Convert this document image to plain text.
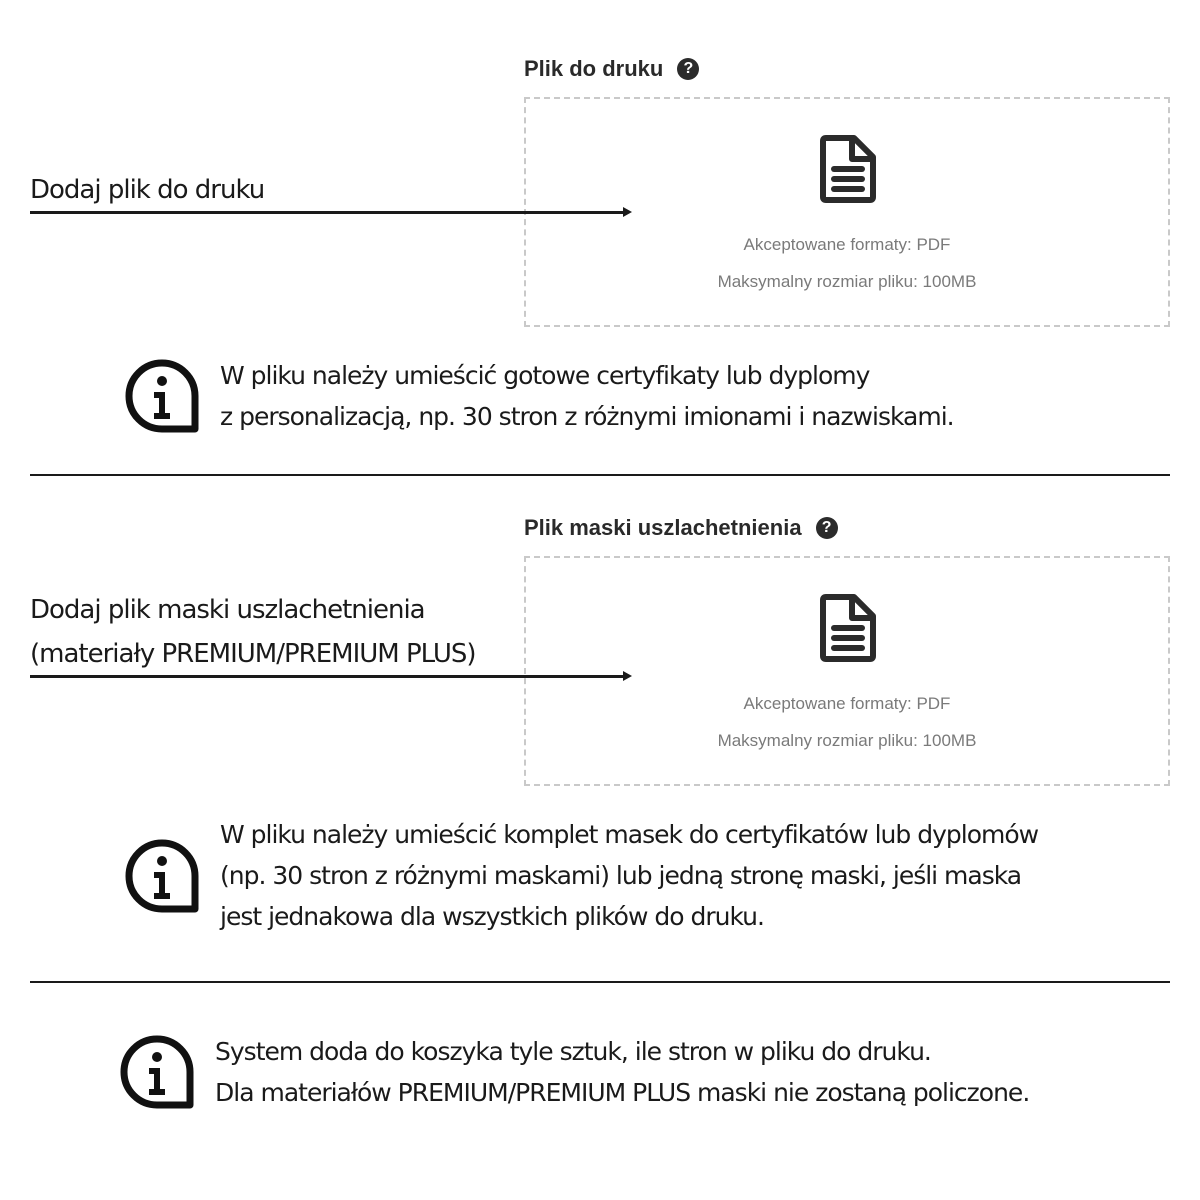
Plik do druku	?
Akceptowane formaty: PDF
Maksymalny rozmiar pliku: 100MB
Dodaj plik do druku
W pliku należy umieścić gotowe certyfikaty lub dyplomy
z personalizacją, np. 30 stron z różnymi imionami i nazwiskami.
Plik maski uszlachetnienia	?
Akceptowane formaty: PDF
Maksymalny rozmiar pliku: 100MB
Dodaj plik maski uszlachetnienia
(materiały PREMIUM/PREMIUM PLUS)
W pliku należy umieścić komplet masek do certyfikatów lub dyplomów
(np. 30 stron z różnymi maskami) lub jedną stronę maski, jeśli maska
jest jednakowa dla wszystkich plików do druku.
System doda do koszyka tyle sztuk, ile stron w pliku do druku.
Dla materiałów PREMIUM/PREMIUM PLUS maski nie zostaną policzone.
